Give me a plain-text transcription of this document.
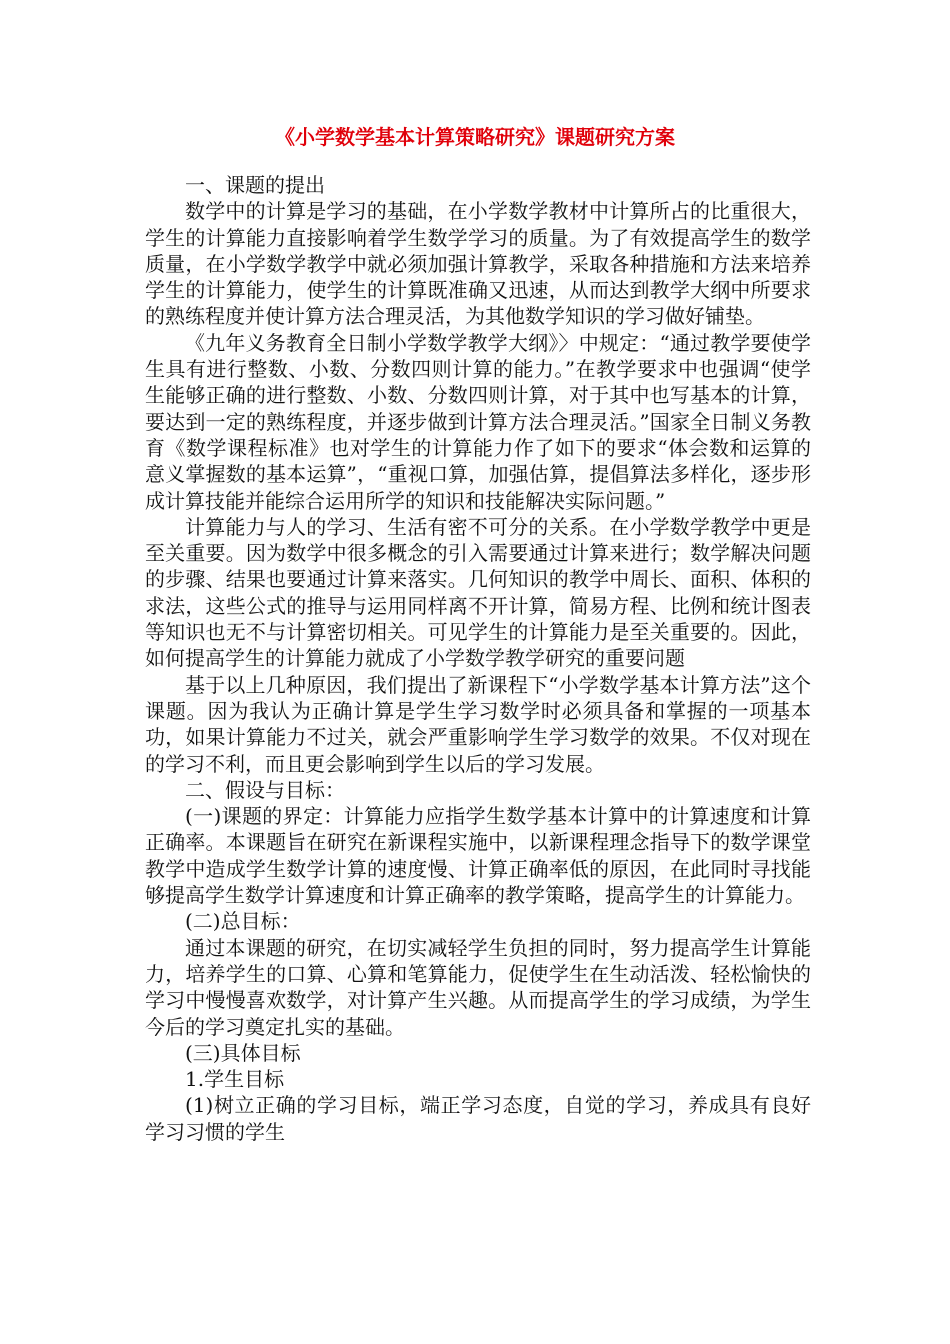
《小学数学基本计算策略研究》课题研究方案

一、课题的提出

数学中的计算是学习的基础，在小学数学教材中计算所占的比重很大，学生的计算能力直接影响着学生数学学习的质量。为了有效提高学生的数学质量，在小学数学教学中就必须加强计算教学，采取各种措施和方法来培养学生的计算能力，使学生的计算既准确又迅速，从而达到教学大纲中所要求的熟练程度并使计算方法合理灵活，为其他数学知识的学习做好铺垫。

《九年义务教育全日制小学数学教学大纲》〉中规定：“通过教学要使学生具有进行整数、小数、分数四则计算的能力。”在教学要求中也强调“使学生能够正确的进行整数、小数、分数四则计算，对于其中也写基本的计算，要达到一定的熟练程度，并逐步做到计算方法合理灵活。”国家全日制义务教育《数学课程标准》也对学生的计算能力作了如下的要求“体会数和运算的意义掌握数的基本运算”，“重视口算，加强估算，提倡算法多样化，逐步形成计算技能并能综合运用所学的知识和技能解决实际问题。”

计算能力与人的学习、生活有密不可分的关系。在小学数学教学中更是至关重要。因为数学中很多概念的引入需要通过计算来进行；数学解决问题的步骤、结果也要通过计算来落实。几何知识的教学中周长、面积、体积的求法，这些公式的推导与运用同样离不开计算，简易方程、比例和统计图表等知识也无不与计算密切相关。可见学生的计算能力是至关重要的。因此，如何提高学生的计算能力就成了小学数学教学研究的重要问题

基于以上几种原因，我们提出了新课程下“小学数学基本计算方法”这个课题。因为我认为正确计算是学生学习数学时必须具备和掌握的一项基本功，如果计算能力不过关，就会严重影响学生学习数学的效果。不仅对现在的学习不利，而且更会影响到学生以后的学习发展。

二、假设与目标：

(一)课题的界定：计算能力应指学生数学基本计算中的计算速度和计算正确率。本课题旨在研究在新课程实施中，以新课程理念指导下的数学课堂教学中造成学生数学计算的速度慢、计算正确率低的原因，在此同时寻找能够提高学生数学计算速度和计算正确率的教学策略，提高学生的计算能力。

(二)总目标：

通过本课题的研究，在切实减轻学生负担的同时，努力提高学生计算能力，培养学生的口算、心算和笔算能力，促使学生在生动活泼、轻松愉快的学习中慢慢喜欢数学，对计算产生兴趣。从而提高学生的学习成绩，为学生今后的学习奠定扎实的基础。

(三)具体目标

1.学生目标

(1)树立正确的学习目标，端正学习态度，自觉的学习，养成具有良好学习习惯的学生
